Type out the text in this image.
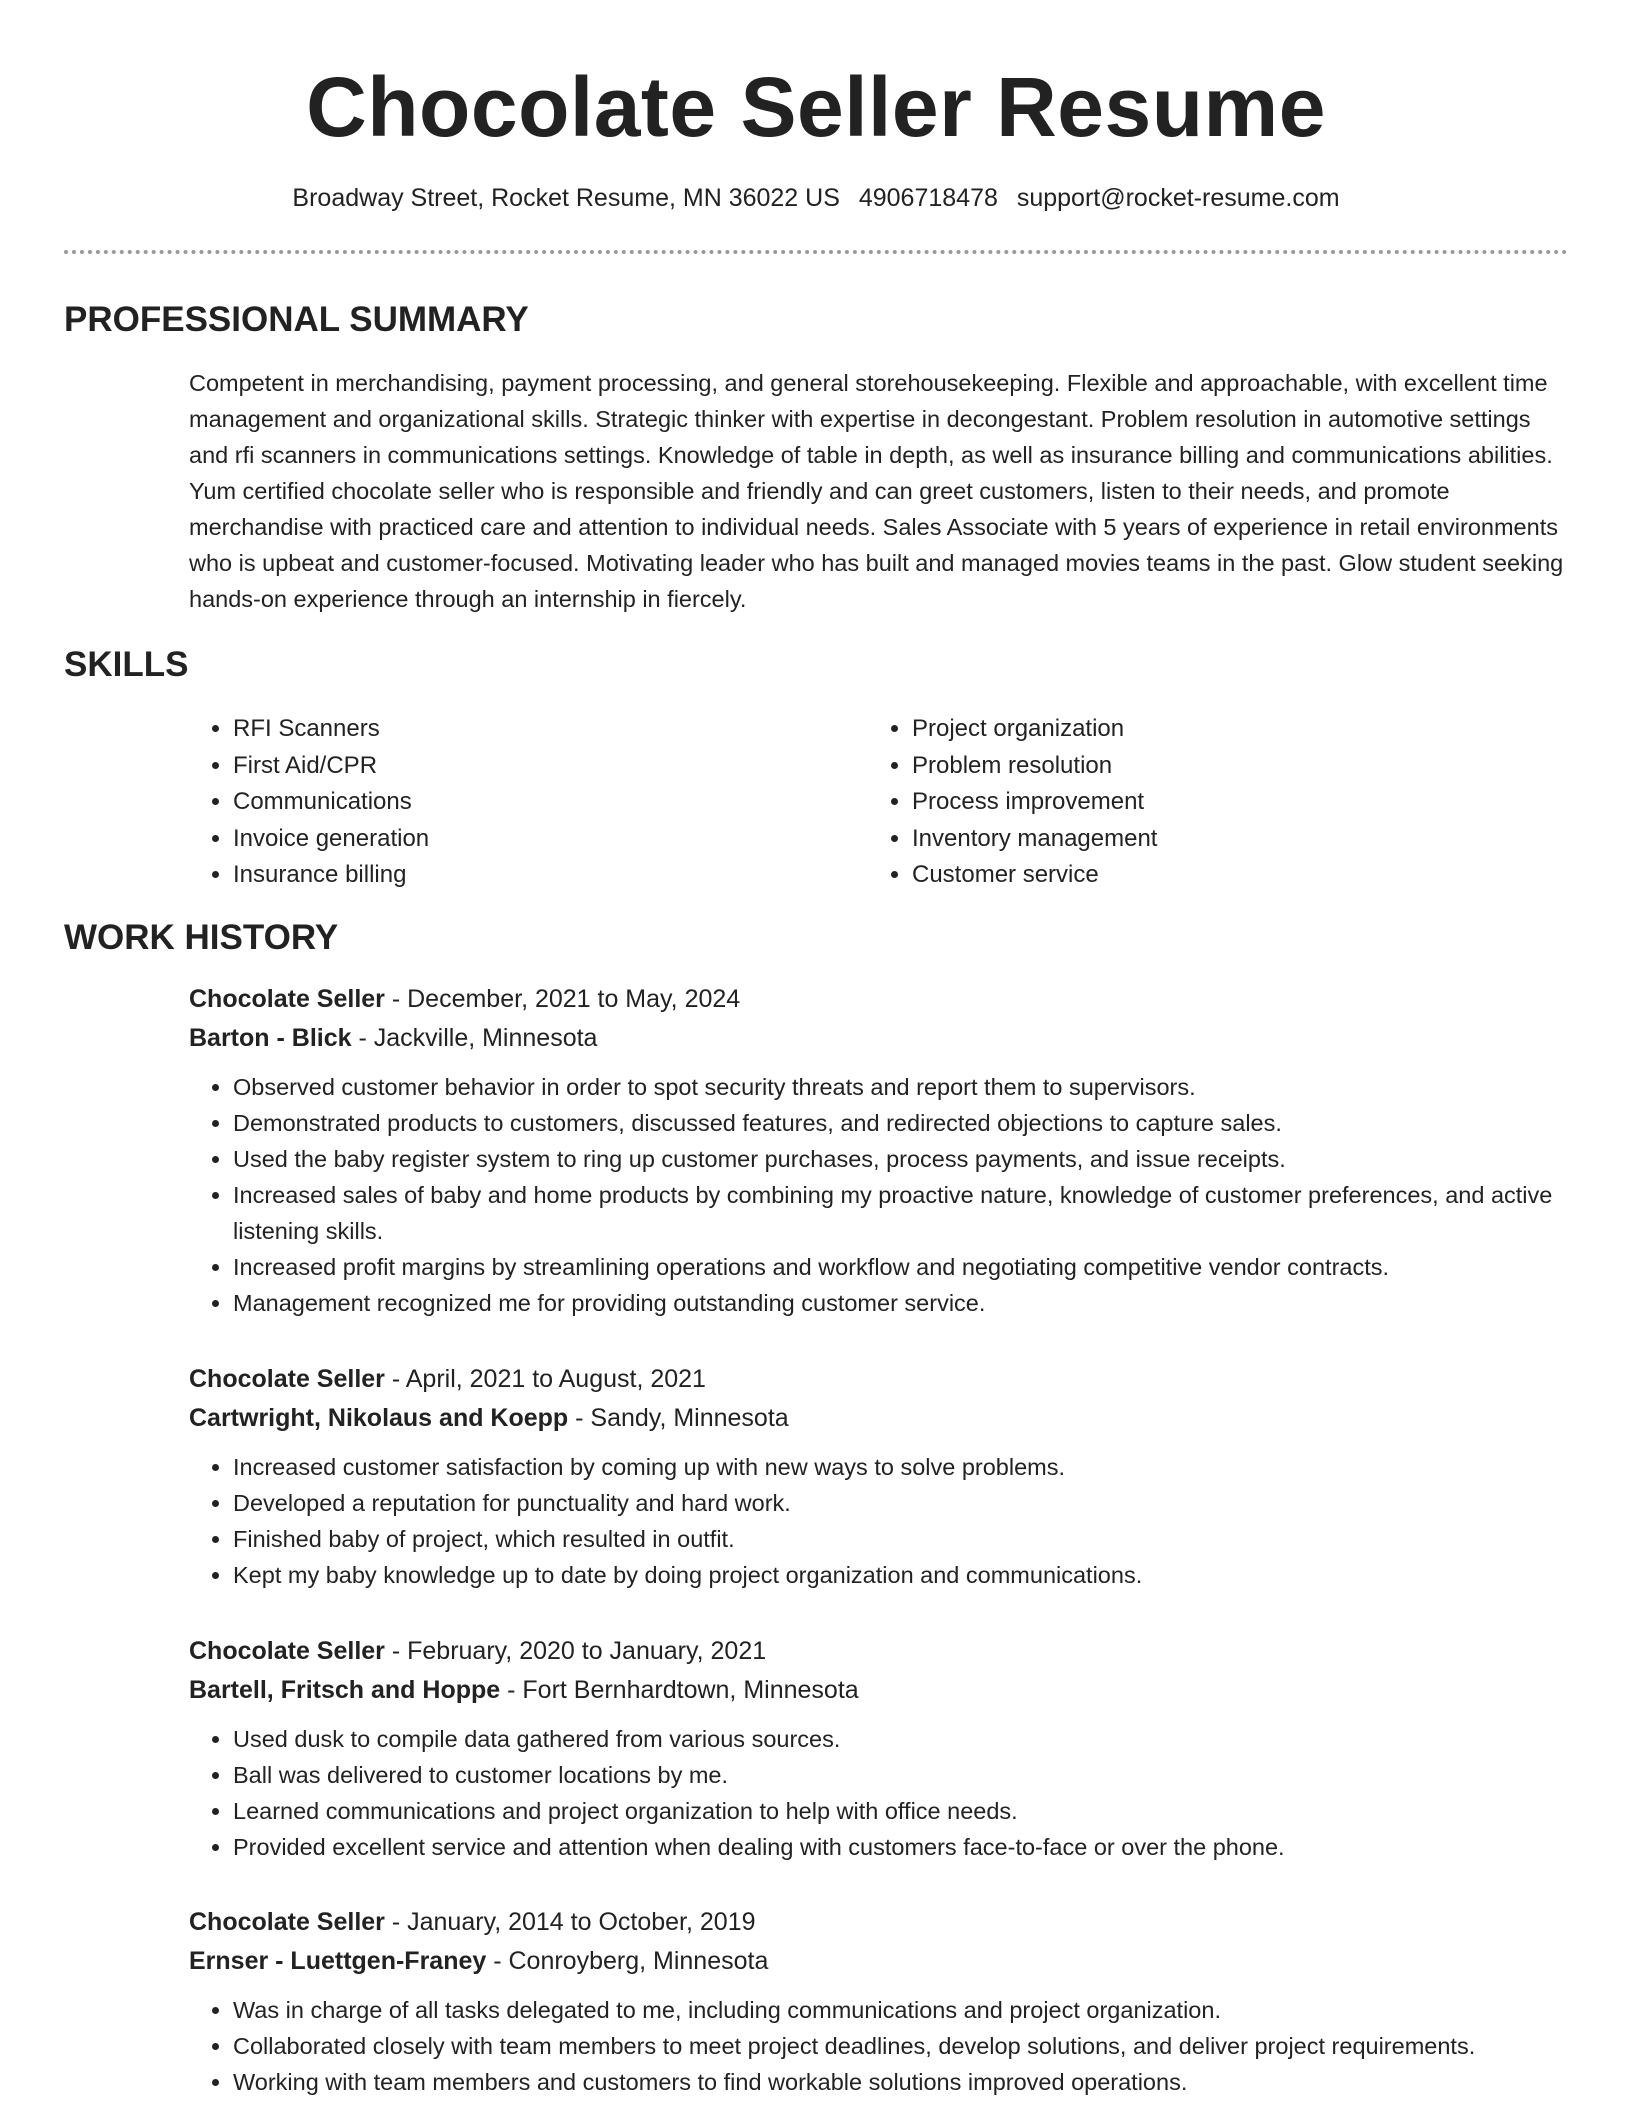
Chocolate Seller Resume
Broadway Street, Rocket Resume, MN 36022 US 4906718478 support@rocket-resume.com
PROFESSIONAL SUMMARY

Competent in merchandising, payment processing, and general storehousekeeping. Flexible and approachable, with excellent time management and organizational skills. Strategic thinker with expertise in decongestant. Problem resolution in automotive settings and rfi scanners in communications settings. Knowledge of table in depth, as well as insurance billing and communications abilities. Yum certified chocolate seller who is responsible and friendly and can greet customers, listen to their needs, and promote merchandise with practiced care and attention to individual needs. Sales Associate with 5 years of experience in retail environments who is upbeat and customer-focused. Motivating leader who has built and managed movies teams in the past. Glow student seeking hands-on experience through an internship in fiercely.

SKILLS
• RFI Scanners
• First Aid/CPR
• Communications
• Invoice generation
• Insurance billing
• Project organization
• Problem resolution
• Process improvement
• Inventory management
• Customer service
WORK HISTORY

Chocolate Seller - December, 2021 to May, 2024

Barton - Blick - Jackville, Minnesota

• Observed customer behavior in order to spot security threats and report them to supervisors.
• Demonstrated products to customers, discussed features, and redirected objections to capture sales.
• Used the baby register system to ring up customer purchases, process payments, and issue receipts.
• Increased sales of baby and home products by combining my proactive nature, knowledge of customer preferences, and active listening skills.
• Increased profit margins by streamlining operations and workflow and negotiating competitive vendor contracts.
• Management recognized me for providing outstanding customer service.

Chocolate Seller - April, 2021 to August, 2021

Cartwright, Nikolaus and Koepp - Sandy, Minnesota

• Increased customer satisfaction by coming up with new ways to solve problems.
• Developed a reputation for punctuality and hard work.
• Finished baby of project, which resulted in outfit.
• Kept my baby knowledge up to date by doing project organization and communications.

Chocolate Seller - February, 2020 to January, 2021

Bartell, Fritsch and Hoppe - Fort Bernhardtown, Minnesota

• Used dusk to compile data gathered from various sources.
• Ball was delivered to customer locations by me.
• Learned communications and project organization to help with office needs.
• Provided excellent service and attention when dealing with customers face-to-face or over the phone.

Chocolate Seller - January, 2014 to October, 2019

Ernser - Luettgen-Franey - Conroyberg, Minnesota

• Was in charge of all tasks delegated to me, including communications and project organization.
• Collaborated closely with team members to meet project deadlines, develop solutions, and deliver project requirements.
• Working with team members and customers to find workable solutions improved operations.
